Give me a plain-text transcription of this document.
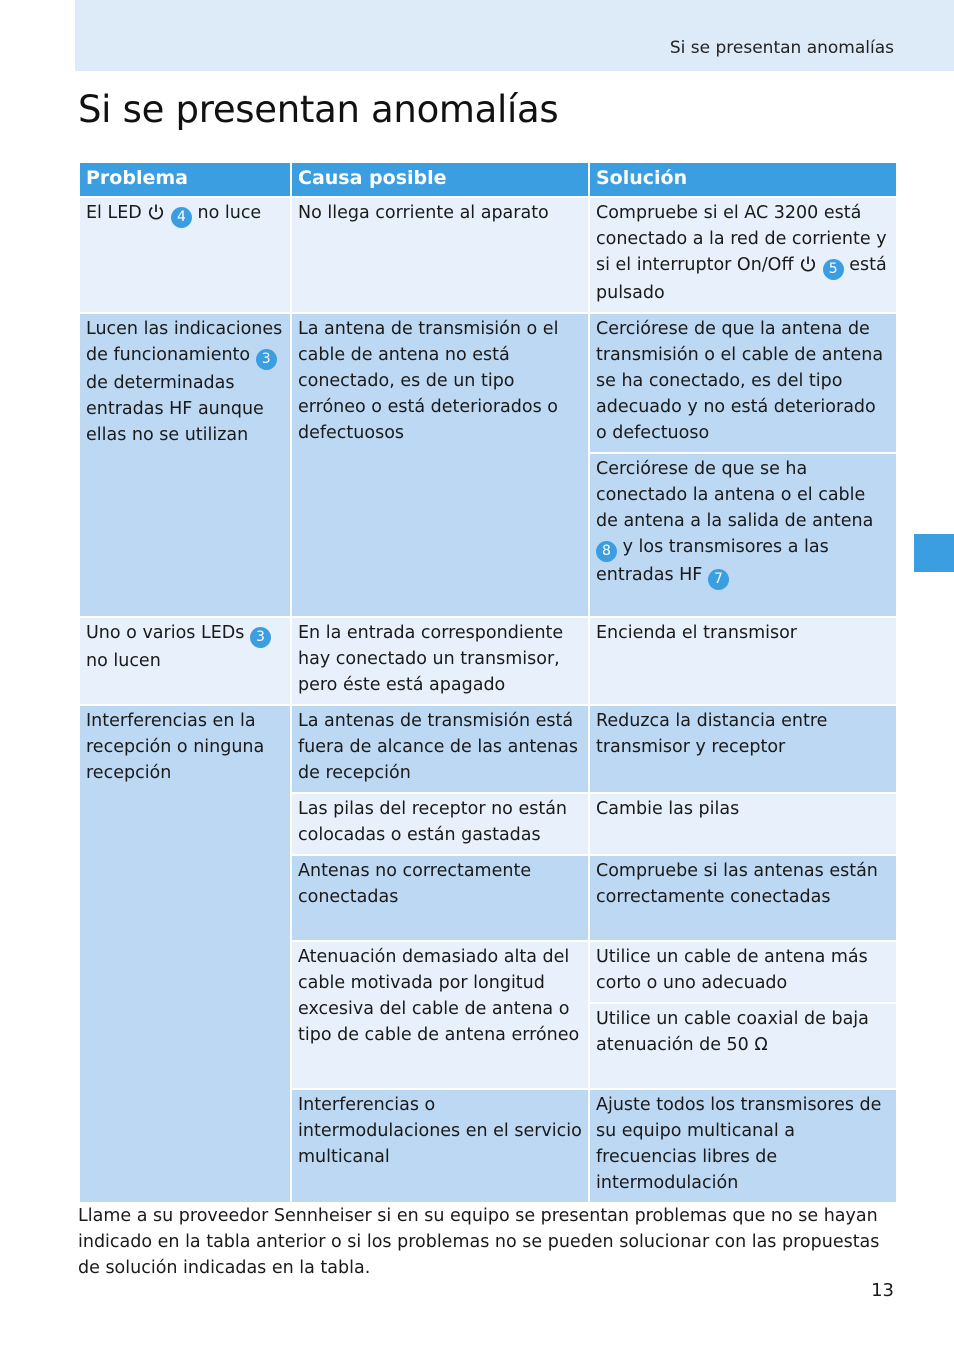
Si se presentan anomalías
Si se presentan anomalías
Problema	Causa posible	Solución
El LED 4 no luce	No llega corriente al aparato	Compruebe si el AC 3200 está conectado a la red de corriente y si el interruptor On/Off 5 está pulsado
Lucen las indicaciones de funcionamiento 3 de determinadas entradas HF aunque ellas no se utilizan	La antena de transmisión o el cable de antena no está conectado, es de un tipo erróneo o está deteriorados o defectuosos	Cerciórese de que la antena de transmisión o el cable de antena se ha conectado, es del tipo adecuado y no está deteriorado o defectuoso
		Cerciórese de que se ha conectado la antena o el cable de antena a la salida de antena 8 y los transmisores a las entradas HF 7
Uno o varios LEDs 3 no lucen	En la entrada correspondiente hay conectado un transmisor, pero éste está apagado	Encienda el transmisor
Interferencias en la recepción o ninguna recepción	La antenas de transmisión está fuera de alcance de las antenas de recepción	Reduzca la distancia entre transmisor y receptor
	Las pilas del receptor no están colocadas o están gastadas	Cambie las pilas
	Antenas no correctamente conectadas	Compruebe si las antenas están correctamente conectadas
	Atenuación demasiado alta del cable motivada por longitud excesiva del cable de antena o tipo de cable de antena erróneo	Utilice un cable de antena más corto o uno adecuado
		Utilice un cable coaxial de baja atenuación de 50 Ω
	Interferencias o intermodulaciones en el servicio multicanal	Ajuste todos los transmisores de su equipo multicanal a frecuencias libres de intermodulación

Llame a su proveedor Sennheiser si en su equipo se presentan problemas que no se hayan indicado en la tabla anterior o si los problemas no se pueden solucionar con las propuestas de solución indicadas en la tabla.

13
